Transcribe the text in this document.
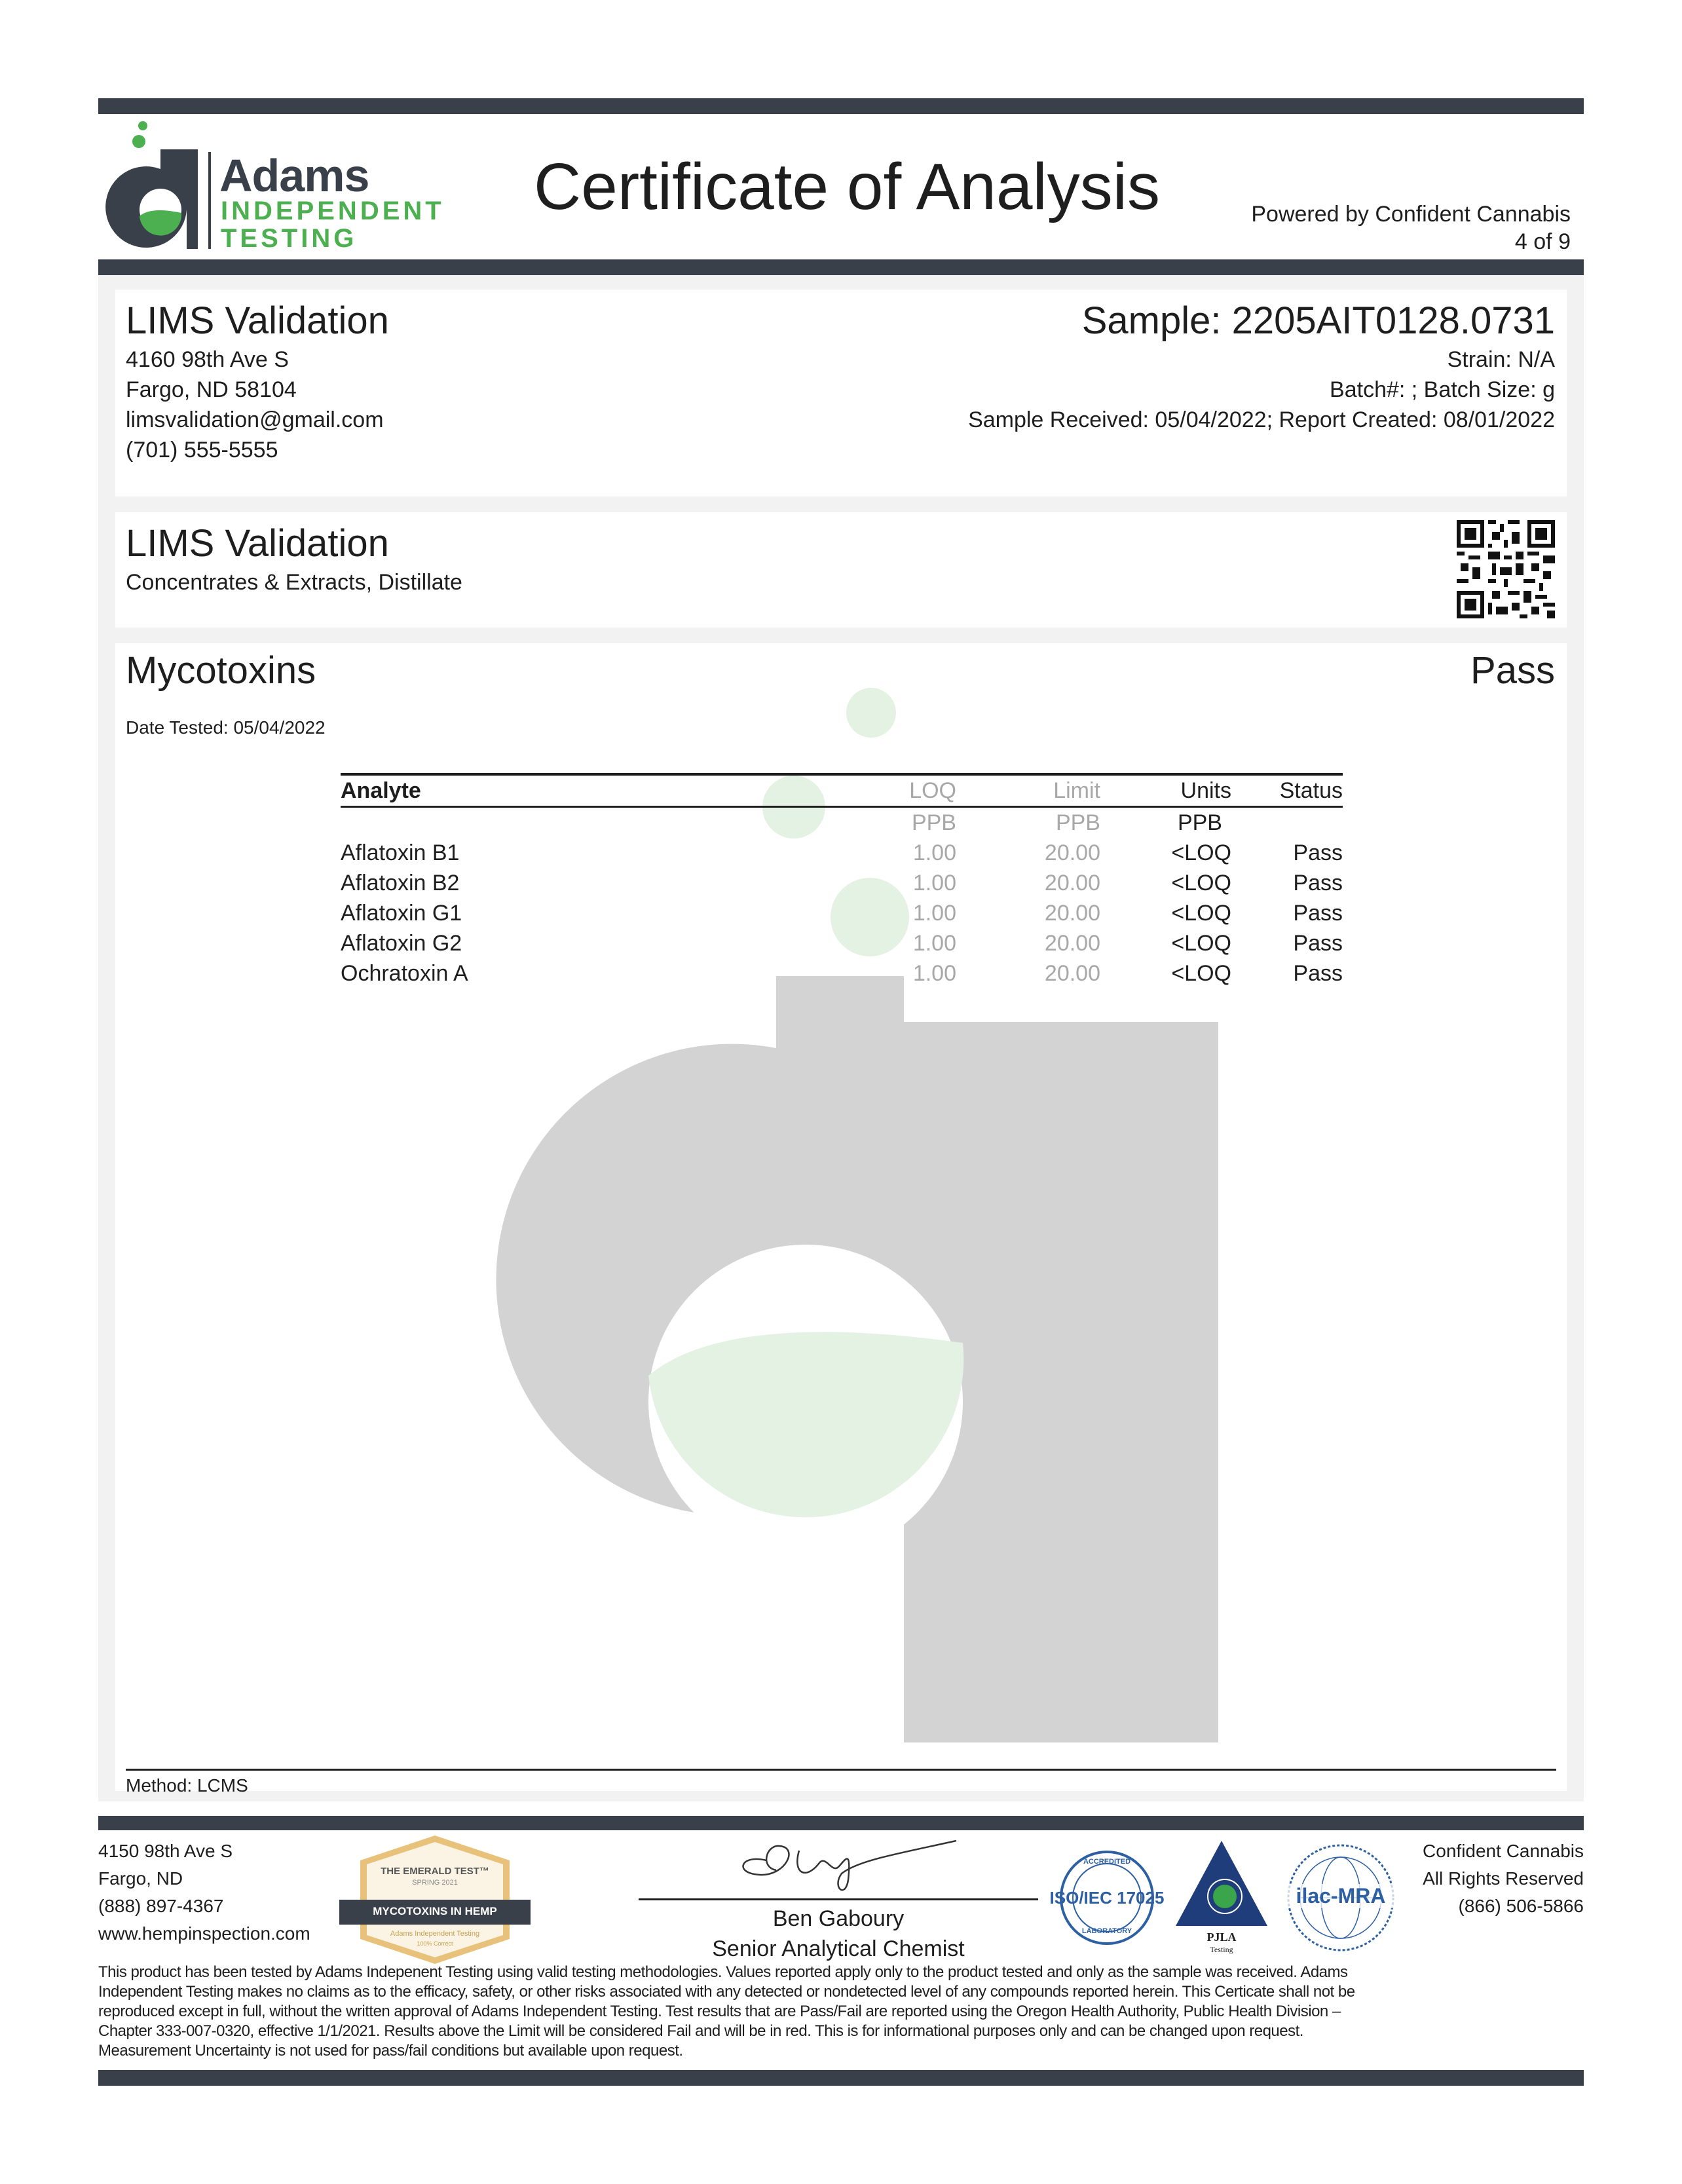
Adams
INDEPENDENT
TESTING
Certificate of Analysis	Powered by Confident Cannabis
4 of 9
LIMS Validation
4160 98th Ave S
Fargo, ND 58104
limsvalidation@gmail.com
(701) 555-5555
Sample: 2205AIT0128.0731
Strain: N/A
Batch#: ; Batch Size: g
Sample Received: 05/04/2022; Report Created: 08/01/2022
LIMS Validation
Concentrates & Extracts, Distillate
Mycotoxins	Pass
Date Tested: 05/04/2022
Analyte	LOQ	Limit	Units	Status
	PPB	PPB	PPB	
Aflatoxin B1	1.00	20.00	<LOQ	Pass
Aflatoxin B2	1.00	20.00	<LOQ	Pass
Aflatoxin G1	1.00	20.00	<LOQ	Pass
Aflatoxin G2	1.00	20.00	<LOQ	Pass
Ochratoxin A	1.00	20.00	<LOQ	Pass
Method: LCMS
4150 98th Ave S
Fargo, ND
(888) 897-4367
www.hempinspection.com
THE EMERALD TEST™
SPRING 2021
MYCOTOXINS IN HEMP
Adams Independent Testing
100% Correct
Ben Gaboury
Senior Analytical Chemist
ACCREDITED
ISO/IEC 17025
LABORATORY	PJLA
Testing
ilac-MRA
Confident Cannabis
All Rights Reserved
(866) 506-5866
This product has been tested by Adams Indepenent Testing using valid testing methodologies. Values reported apply only to the product tested and only as the sample was received. Adams
Independent Testing makes no claims as to the efficacy, safety, or other risks associated with any detected or nondetected level of any compounds reported herein. This Certicate shall not be
reproduced except in full, without the written approval of Adams Independent Testing. Test results that are Pass/Fail are reported using the Oregon Health Authority, Public Health Division –
Chapter 333-007-0320, effective 1/1/2021. Results above the Limit will be considered Fail and will be in red. This is for informational purposes only and can be changed upon request.
Measurement Uncertainty is not used for pass/fail conditions but available upon request.
